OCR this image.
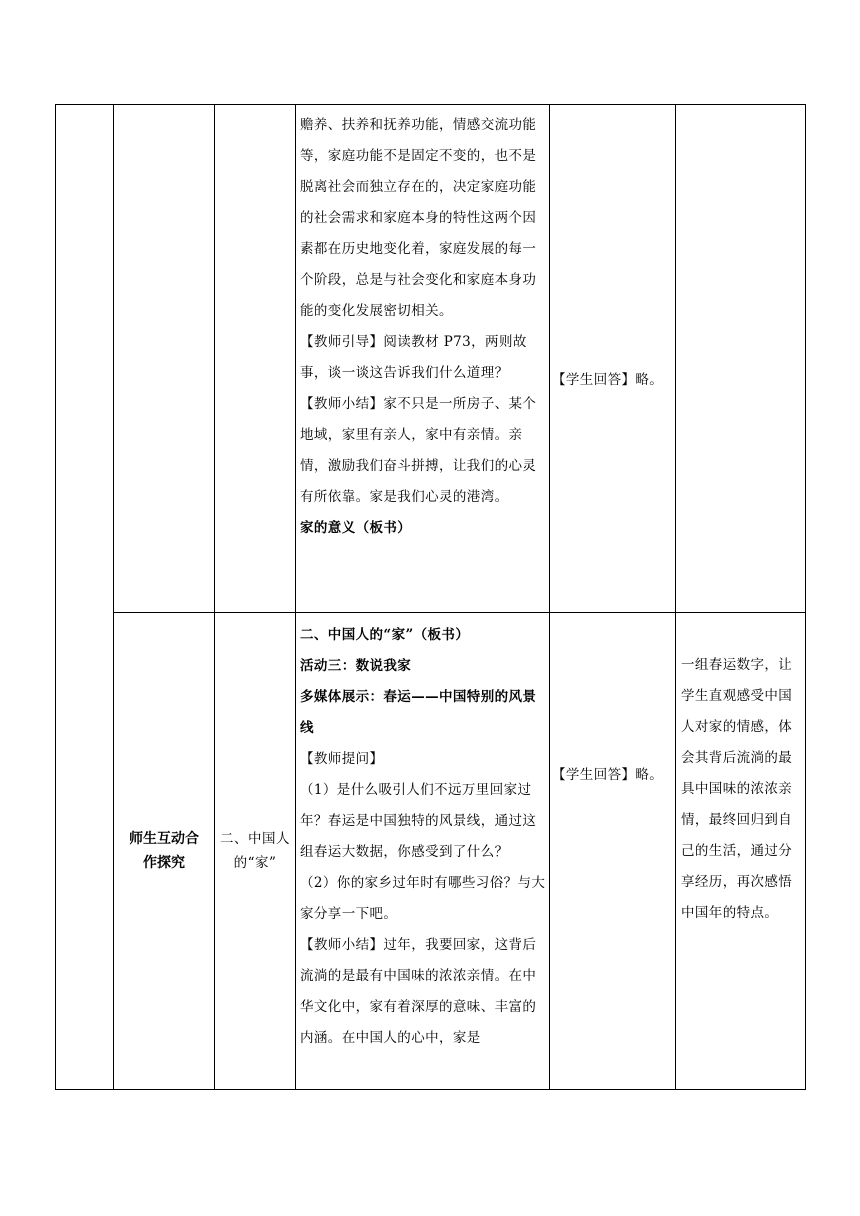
赡养、扶养和抚养功能，情感交流功能等，家庭功能不是固定不变的，也不是脱离社会而独立存在的，决定家庭功能的社会需求和家庭本身的特性这两个因素都在历史地变化着，家庭发展的每一个阶段，总是与社会变化和家庭本身功能的变化发展密切相关。

【教师引导】阅读教材 P73，两则故事，谈一谈这告诉我们什么道理？

【教师小结】家不只是一所房子、某个地域，家里有亲人，家中有亲情。亲情，激励我们奋斗拼搏，让我们的心灵有所依靠。家是我们心灵的港湾。

家的意义（板书）

【学生回答】略。

师生互动合作探究
二、中国人的“家”

二、中国人的“家”（板书）

活动三：数说我家

多媒体展示：春运——中国特别的风景线

【教师提问】

（1）是什么吸引人们不远万里回家过年？春运是中国独特的风景线，通过这组春运大数据，你感受到了什么？

（2）你的家乡过年时有哪些习俗？与大家分享一下吧。

【教师小结】过年，我要回家，这背后流淌的是最有中国味的浓浓亲情。在中华文化中，家有着深厚的意味、丰富的内涵。在中国人的心中，家是

【学生回答】略。

一组春运数字，让学生直观感受中国人对家的情感，体会其背后流淌的最具中国味的浓浓亲情，最终回归到自己的生活，通过分享经历，再次感悟中国年的特点。
